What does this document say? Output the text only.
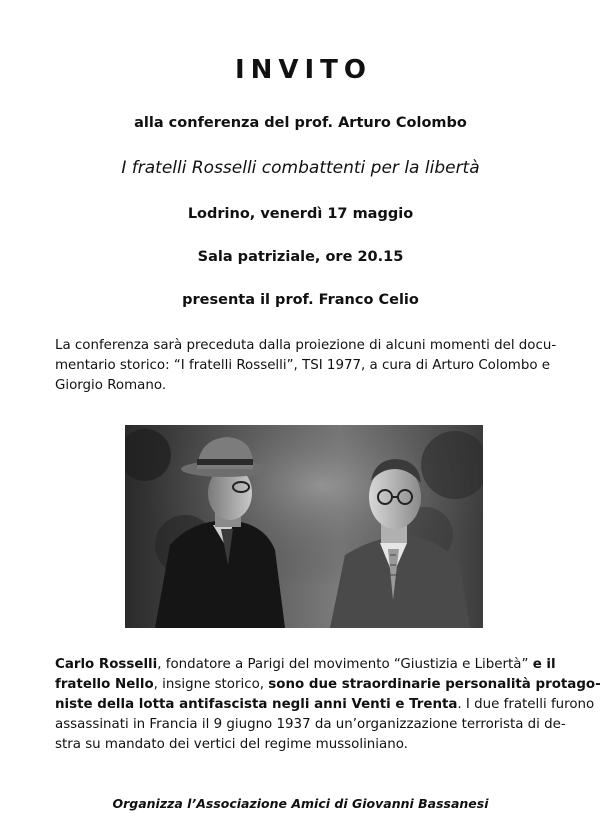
INVITO
alla conferenza del prof. Arturo Colombo
I fratelli Rosselli combattenti per la libertà
Lodrino, venerdì 17 maggio
Sala patriziale, ore 20.15
presenta il prof. Franco Celio
La conferenza sarà preceduta dalla proiezione di alcuni momenti del docu-
mentario storico: “I fratelli Rosselli”, TSI 1977, a cura di Arturo Colombo e
Giorgio Romano.
Carlo Rosselli, fondatore a Parigi del movimento “Giustizia e Libertà” e il
fratello Nello, insigne storico, sono due straordinarie personalità protago-
niste della lotta antifascista negli anni Venti e Trenta. I due fratelli furono
assassinati in Francia il 9 giugno 1937 da un’organizzazione terrorista di de-
stra su mandato dei vertici del regime mussoliniano.
Organizza l’Associazione Amici di Giovanni Bassanesi
